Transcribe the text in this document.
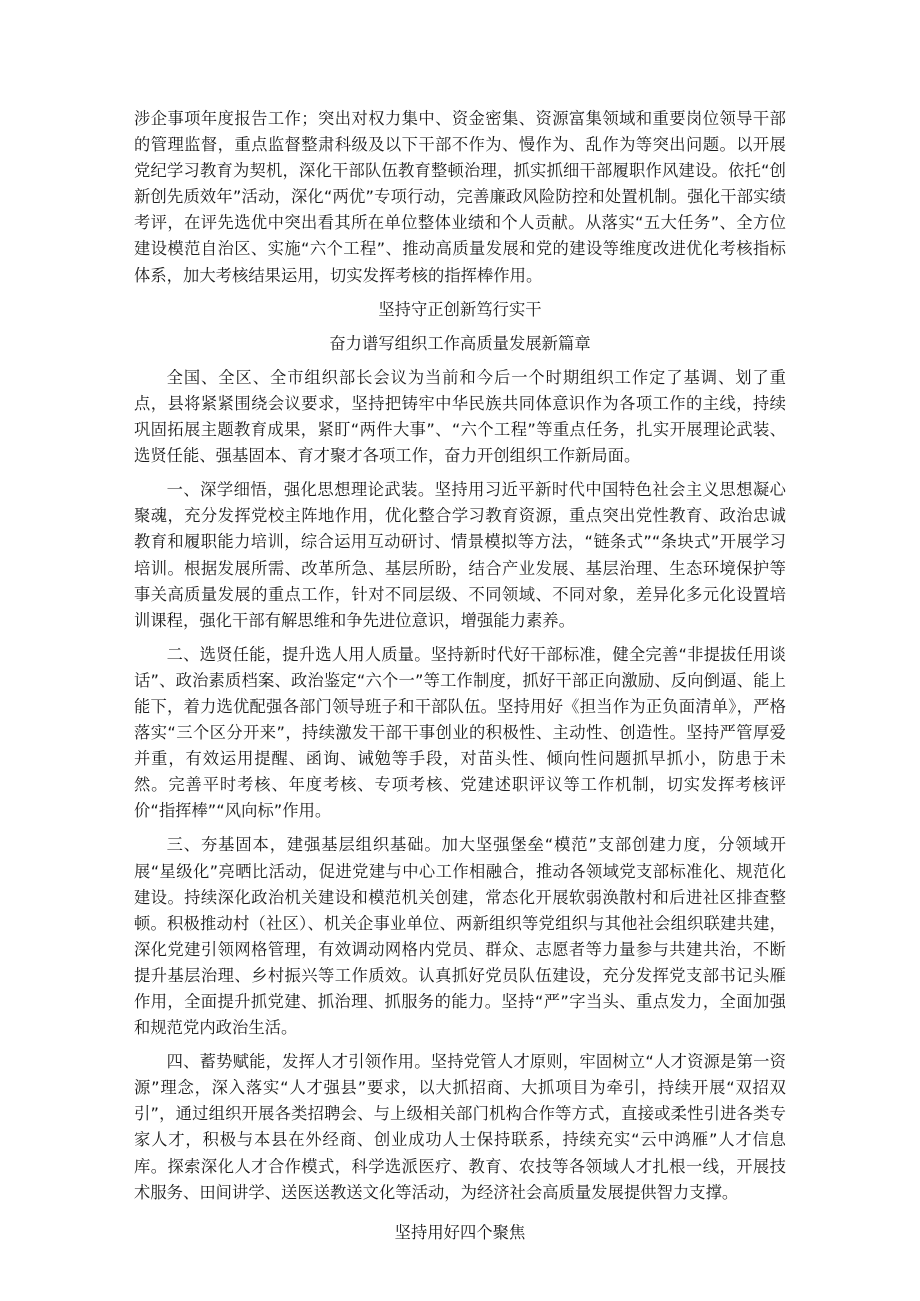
涉企事项年度报告工作；突出对权力集中、资金密集、资源富集领域和重要岗位领导干部的管理监督，重点监督整肃科级及以下干部不作为、慢作为、乱作为等突出问题。以开展党纪学习教育为契机，深化干部队伍教育整顿治理，抓实抓细干部履职作风建设。依托“创新创先质效年”活动，深化“两优”专项行动，完善廉政风险防控和处置机制。强化干部实绩考评，在评先选优中突出看其所在单位整体业绩和个人贡献。从落实“五大任务”、全方位建设模范自治区、实施“六个工程”、推动高质量发展和党的建设等维度改进优化考核指标体系，加大考核结果运用，切实发挥考核的指挥棒作用。

坚持守正创新笃行实干

奋力谱写组织工作高质量发展新篇章

全国、全区、全市组织部长会议为当前和今后一个时期组织工作定了基调、划了重点，县将紧紧围绕会议要求，坚持把铸牢中华民族共同体意识作为各项工作的主线，持续巩固拓展主题教育成果，紧盯“两件大事”、“六个工程”等重点任务，扎实开展理论武装、选贤任能、强基固本、育才聚才各项工作，奋力开创组织工作新局面。

一、深学细悟，强化思想理论武装。坚持用习近平新时代中国特色社会主义思想凝心聚魂，充分发挥党校主阵地作用，优化整合学习教育资源，重点突出党性教育、政治忠诚教育和履职能力培训，综合运用互动研讨、情景模拟等方法，“链条式”“条块式”开展学习培训。根据发展所需、改革所急、基层所盼，结合产业发展、基层治理、生态环境保护等事关高质量发展的重点工作，针对不同层级、不同领域、不同对象，差异化多元化设置培训课程，强化干部有解思维和争先进位意识，增强能力素养。

二、选贤任能，提升选人用人质量。坚持新时代好干部标准，健全完善“非提拔任用谈话”、政治素质档案、政治鉴定“六个一”等工作制度，抓好干部正向激励、反向倒逼、能上能下，着力选优配强各部门领导班子和干部队伍。坚持用好《担当作为正负面清单》，严格落实“三个区分开来”，持续激发干部干事创业的积极性、主动性、创造性。坚持严管厚爱并重，有效运用提醒、函询、诫勉等手段，对苗头性、倾向性问题抓早抓小，防患于未然。完善平时考核、年度考核、专项考核、党建述职评议等工作机制，切实发挥考核评价“指挥棒”“风向标”作用。

三、夯基固本，建强基层组织基础。加大坚强堡垒“模范”支部创建力度，分领域开展“星级化”亮晒比活动，促进党建与中心工作相融合，推动各领域党支部标准化、规范化建设。持续深化政治机关建设和模范机关创建，常态化开展软弱涣散村和后进社区排查整顿。积极推动村（社区）、机关企事业单位、两新组织等党组织与其他社会组织联建共建，深化党建引领网格管理，有效调动网格内党员、群众、志愿者等力量参与共建共治，不断提升基层治理、乡村振兴等工作质效。认真抓好党员队伍建设，充分发挥党支部书记头雁作用，全面提升抓党建、抓治理、抓服务的能力。坚持“严”字当头、重点发力，全面加强和规范党内政治生活。

四、蓄势赋能，发挥人才引领作用。坚持党管人才原则，牢固树立“人才资源是第一资源”理念，深入落实“人才强县”要求，以大抓招商、大抓项目为牵引，持续开展“双招双引”，通过组织开展各类招聘会、与上级相关部门机构合作等方式，直接或柔性引进各类专家人才，积极与本县在外经商、创业成功人士保持联系，持续充实“云中鸿雁”人才信息库。探索深化人才合作模式，科学选派医疗、教育、农技等各领域人才扎根一线，开展技术服务、田间讲学、送医送教送文化等活动，为经济社会高质量发展提供智力支撑。

坚持用好四个聚焦
